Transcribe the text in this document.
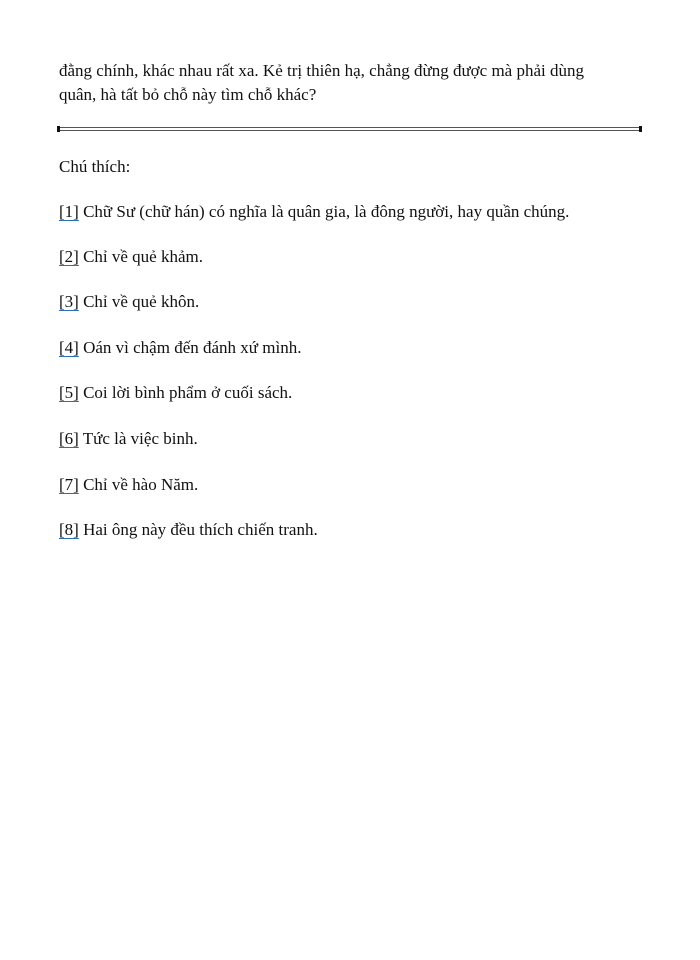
đằng chính, khác nhau rất xa. Kẻ trị thiên hạ, chẳng đừng được mà phải dùng
quân, hà tất bỏ chỗ này tìm chỗ khác?

Chú thích:

[1] Chữ Sư (chữ hán) có nghĩa là quân gia, là đông người, hay quần chúng.

[2] Chỉ về quẻ khảm.

[3] Chỉ về quẻ khôn.

[4] Oán vì chậm đến đánh xứ mình.

[5] Coi lời bình phẩm ở cuối sách.

[6] Tức là việc binh.

[7] Chỉ về hào Năm.

[8] Hai ông này đều thích chiến tranh.
